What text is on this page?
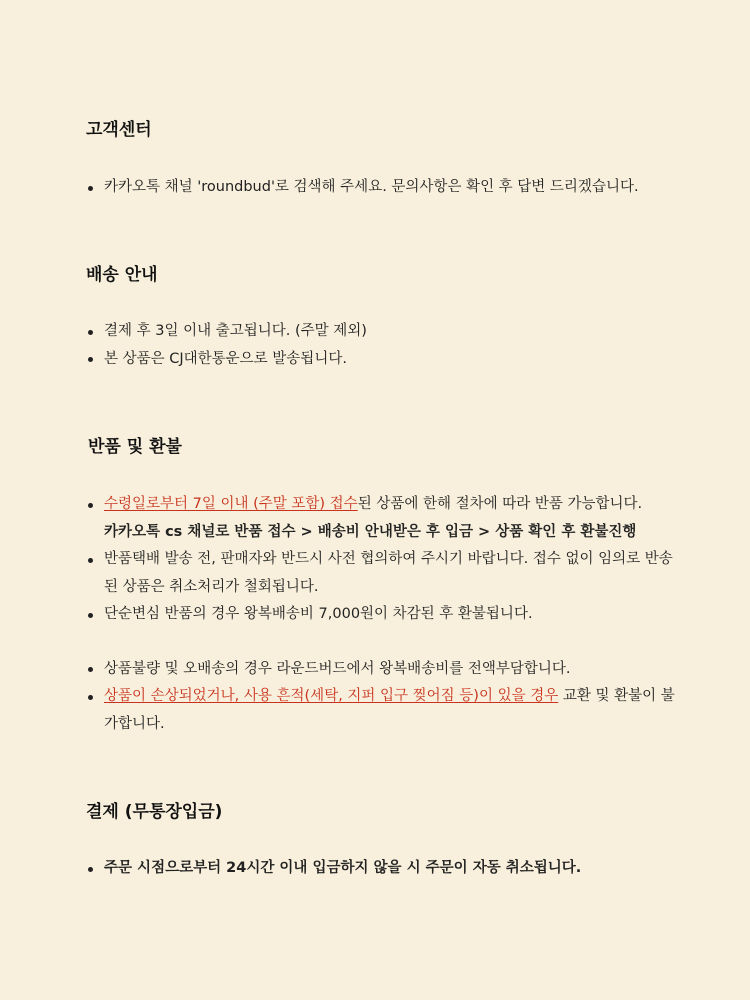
고객센터
카카오톡 채널 'roundbud'로 검색해 주세요. 문의사항은 확인 후 답변 드리겠습니다.
배송 안내
결제 후 3일 이내 출고됩니다. (주말 제외)
본 상품은 CJ대한통운으로 발송됩니다.
반품 및 환불
수령일로부터 7일 이내 (주말 포함) 접수된 상품에 한해 절차에 따라 반품 가능합니다.
카카오톡 cs 채널로 반품 접수 > 배송비 안내받은 후 입금 > 상품 확인 후 환불진행
반품택배 발송 전, 판매자와 반드시 사전 협의하여 주시기 바랍니다. 접수 없이 임의로 반송된 상품은 취소처리가 철회됩니다.
단순변심 반품의 경우 왕복배송비 7,000원이 차감된 후 환불됩니다.
상품불량 및 오배송의 경우 라운드버드에서 왕복배송비를 전액부담합니다.
상품이 손상되었거나, 사용 흔적(세탁, 지퍼 입구 찢어짐 등)이 있을 경우 교환 및 환불이 불가합니다.
결제 (무통장입금)
주문 시점으로부터 24시간 이내 입금하지 않을 시 주문이 자동 취소됩니다.
